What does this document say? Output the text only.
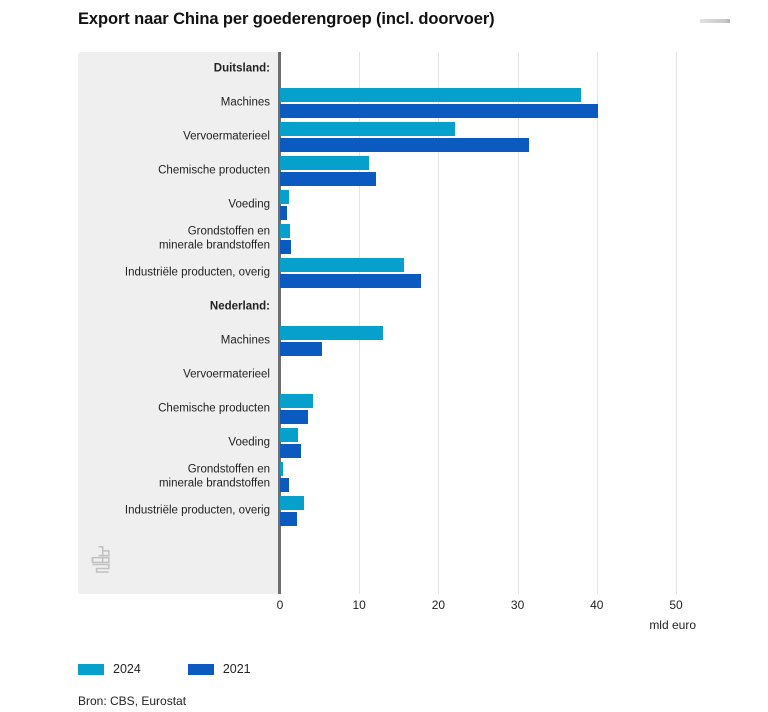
Export naar China per goederengroep (incl. doorvoer)
Duitsland:
Machines
Vervoermaterieel
Chemische producten
Voeding
Grondstoffen en
minerale brandstoffen
Industriële producten, overig
Nederland:
Machines
Vervoermaterieel
Chemische producten
Voeding
Grondstoffen en
minerale brandstoffen
Industriële producten, overig
0	10	20	30	40	50
mld euro
2024	2021
Bron: CBS, Eurostat
